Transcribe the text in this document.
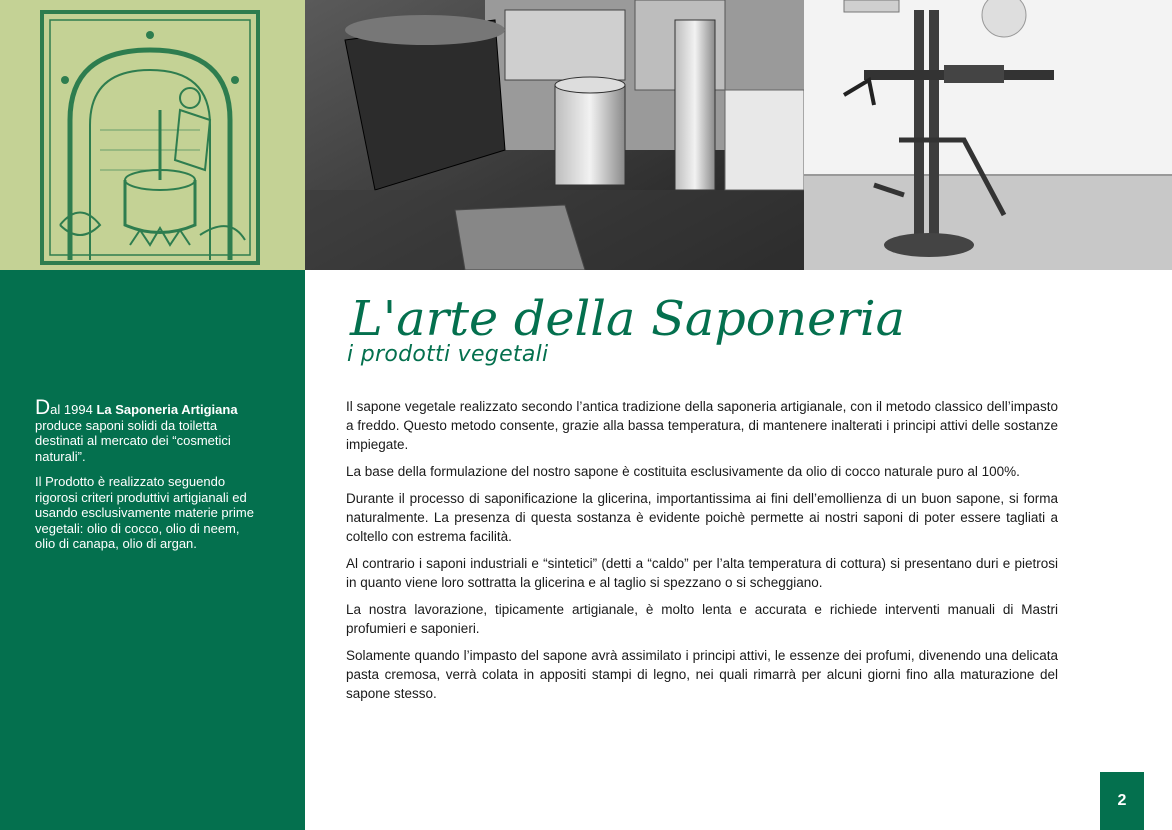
Dal 1994 La Saponeria Artigiana produce saponi solidi da toiletta destinati al mercato dei “cosmetici naturali”.

Il Prodotto è realizzato seguendo rigorosi criteri produttivi artigianali ed usando esclusivamente materie prime vegetali: olio di cocco, olio di neem, olio di canapa, olio di argan.

L'arte della Saponeria
i prodotti vegetali

Il sapone vegetale realizzato secondo l’antica tradizione della saponeria artigianale, con il metodo classico dell’impasto a freddo. Questo metodo consente, grazie alla bassa temperatura, di mantenere inalterati i principi attivi delle sostanze impiegate.

La base della formulazione del nostro sapone è costituita esclusivamente da olio di cocco naturale puro al 100%.

Durante il processo di saponificazione la glicerina, importantissima ai fini dell’emollienza di un buon sapone, si forma naturalmente. La presenza di questa sostanza è evidente poichè permette ai nostri saponi di poter essere tagliati a coltello con estrema facilità.

Al contrario i saponi industriali e “sintetici” (detti a “caldo” per l’alta temperatura di cottura) si presentano duri e pietrosi in quanto viene loro sottratta la glicerina e al taglio si spezzano o si scheggiano.

La nostra lavorazione, tipicamente artigianale, è molto lenta e accurata e richiede interventi manuali di Mastri profumieri e saponieri.

Solamente quando l’impasto del sapone avrà assimilato i principi attivi, le essenze dei profumi, divenendo una delicata pasta cremosa, verrà colata in appositi stampi di legno, nei quali rimarrà per alcuni giorni fino alla maturazione del sapone stesso.

2
